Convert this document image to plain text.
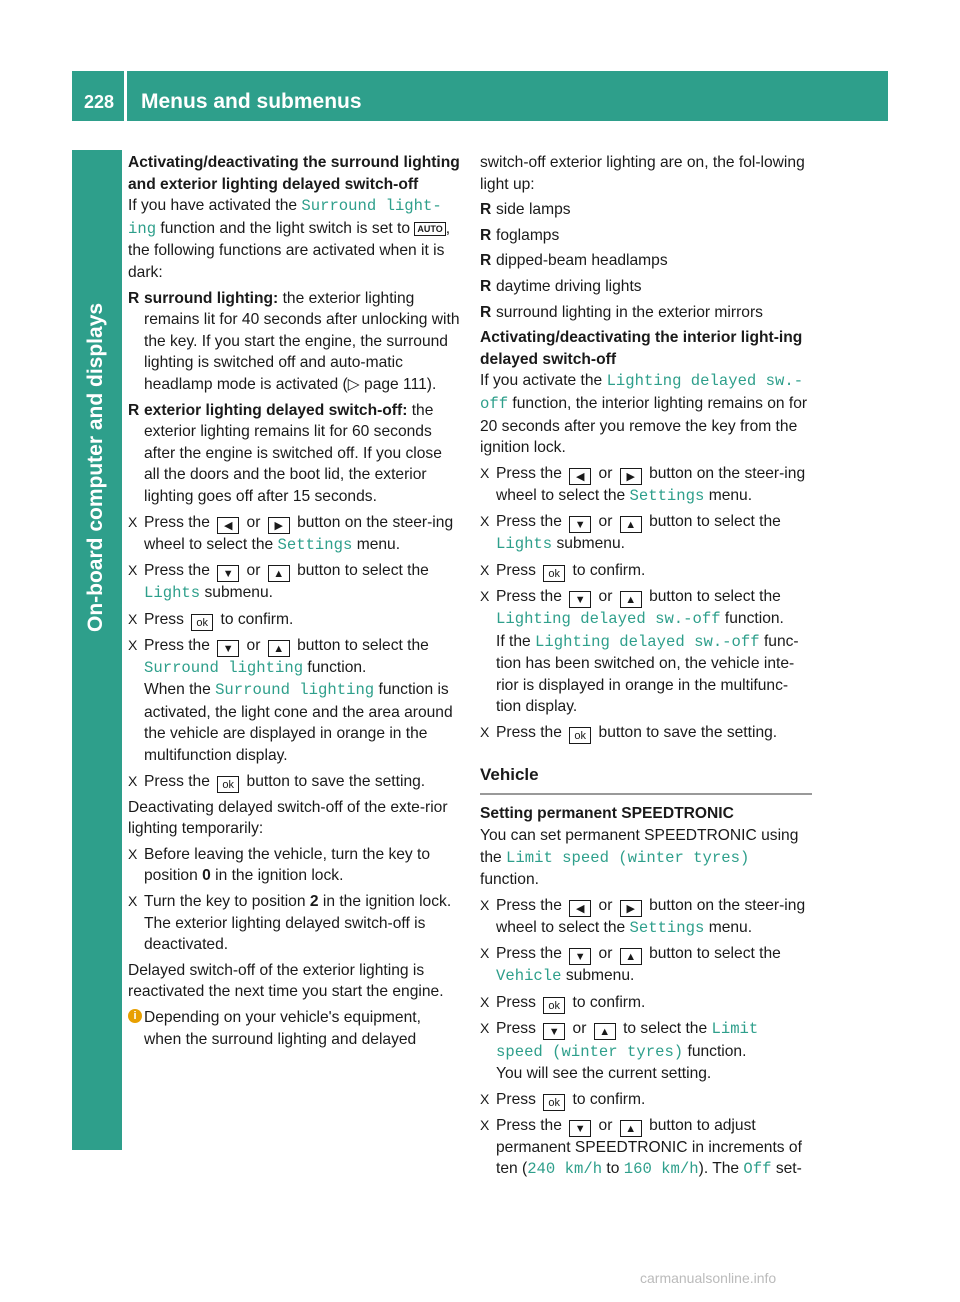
228 Menus and submenus
On-board computer and displays

Activating/deactivating the surround lighting and exterior lighting delayed switch-off

If you have activated the Surround light-ing function and the light switch is set to AUTO , the following functions are activated when it is dark:

R surround lighting: the exterior lighting remains lit for 40 seconds after unlocking with the key. If you start the engine, the surround lighting is switched off and auto-matic headlamp mode is activated (▷ page 111).
R exterior lighting delayed switch-off: the exterior lighting remains lit for 60 seconds after the engine is switched off. If you close all the doors and the boot lid, the exterior lighting goes off after 15 seconds.
X Press the ◀ or ▶ button on the steer-ing wheel to select the Settings menu.
X Press the ▼ or ▲ button to select the Lights submenu.
X Press ok to confirm.
X Press the ▼ or ▲ button to select the Surround lighting function.
When the Surround lighting function is activated, the light cone and the area around the vehicle are displayed in orange in the multifunction display.
X Press the ok button to save the setting.

Deactivating delayed switch-off of the exte-rior lighting temporarily:

X Before leaving the vehicle, turn the key to position 0 in the ignition lock.
X Turn the key to position 2 in the ignition lock.
The exterior lighting delayed switch-off is deactivated.

Delayed switch-off of the exterior lighting is reactivated the next time you start the engine.

i Depending on your vehicle's equipment, when the surround lighting and delayed

switch-off exterior lighting are on, the fol-lowing light up:

R side lamps
R foglamps
R dipped-beam headlamps
R daytime driving lights
R surround lighting in the exterior mirrors

Activating/deactivating the interior light-ing delayed switch-off

If you activate the Lighting delayed sw.-off function, the interior lighting remains on for 20 seconds after you remove the key from the ignition lock.

X Press the ◀ or ▶ button on the steer-ing wheel to select the Settings menu.
X Press the ▼ or ▲ button to select the Lights submenu.
X Press ok to confirm.
X Press the ▼ or ▲ button to select the Lighting delayed sw.-off function.
If the Lighting delayed sw.-off func-tion has been switched on, the vehicle inte-rior is displayed in orange in the multifunc-tion display.
X Press the ok button to save the setting.
Vehicle

Setting permanent SPEEDTRONIC

You can set permanent SPEEDTRONIC using the Limit speed (winter tyres) function.

X Press the ◀ or ▶ button on the steer-ing wheel to select the Settings menu.
X Press the ▼ or ▲ button to select the Vehicle submenu.
X Press ok to confirm.
X Press ▼ or ▲ to select the Limit speed (winter tyres) function.
You will see the current setting.
X Press ok to confirm.
X Press the ▼ or ▲ button to adjust permanent SPEEDTRONIC in increments of ten (240 km/h to 160 km/h). The Off set-
carmanualsonline.info
